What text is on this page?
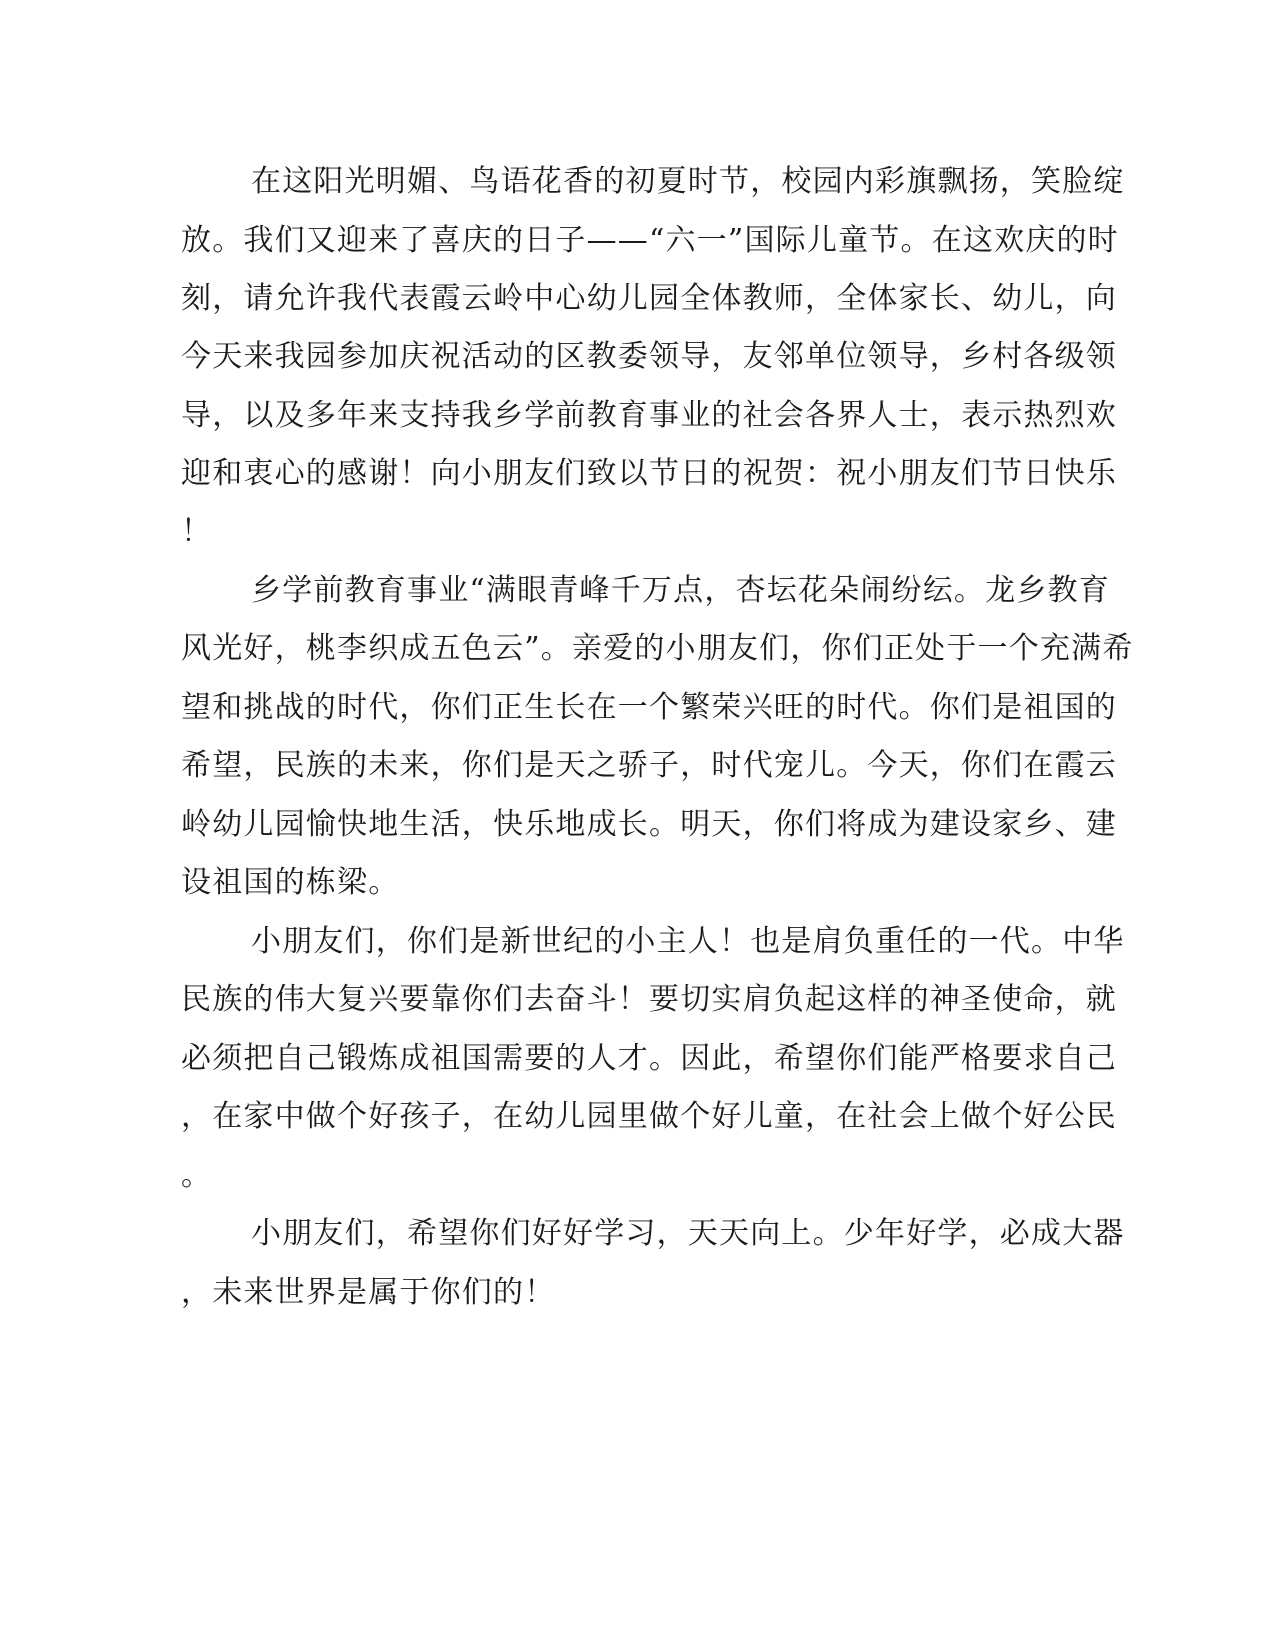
在这阳光明媚、鸟语花香的初夏时节，校园内彩旗飘扬，笑脸绽
放。我们又迎来了喜庆的日子——“六一”国际儿童节。在这欢庆的时
刻，请允许我代表霞云岭中心幼儿园全体教师，全体家长、幼儿，向
今天来我园参加庆祝活动的区教委领导，友邻单位领导，乡村各级领
导，以及多年来支持我乡学前教育事业的社会各界人士，表示热烈欢
迎和衷心的感谢！向小朋友们致以节日的祝贺：祝小朋友们节日快乐
！
乡学前教育事业“满眼青峰千万点，杏坛花朵闹纷纭。龙乡教育
风光好，桃李织成五色云”。亲爱的小朋友们，你们正处于一个充满希
望和挑战的时代，你们正生长在一个繁荣兴旺的时代。你们是祖国的
希望，民族的未来，你们是天之骄子，时代宠儿。今天，你们在霞云
岭幼儿园愉快地生活，快乐地成长。明天，你们将成为建设家乡、建
设祖国的栋梁。
小朋友们，你们是新世纪的小主人！也是肩负重任的一代。中华
民族的伟大复兴要靠你们去奋斗！要切实肩负起这样的神圣使命，就
必须把自己锻炼成祖国需要的人才。因此，希望你们能严格要求自己
，在家中做个好孩子，在幼儿园里做个好儿童，在社会上做个好公民
。
小朋友们，希望你们好好学习，天天向上。少年好学，必成大器
，未来世界是属于你们的！
